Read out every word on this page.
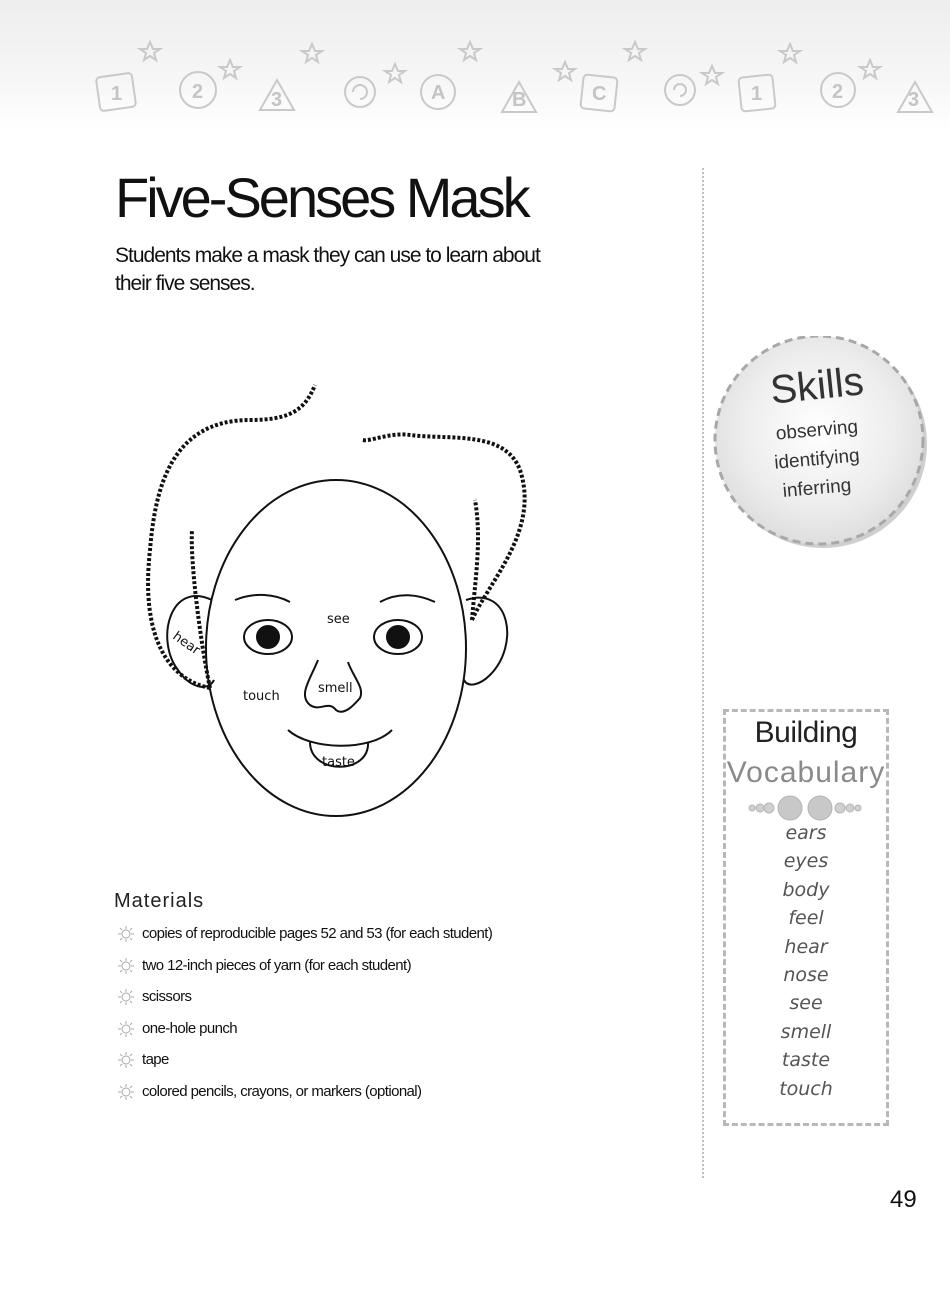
1	2	3	A	B	C	1	2	3
Five-Senses Mask

Students make a mask they can use to learn about their five senses.

see
hear
smell
touch
taste
Materials
copies of reproducible pages 52 and 53 (for each student)
two 12-inch pieces of yarn (for each student)
scissors
one-hole punch
tape
colored pencils, crayons, or markers (optional)
Skills
observing
identifying
inferring
Building
Vocabulary
ears
eyes
body
feel
hear
nose
see
smell
taste
touch
49
